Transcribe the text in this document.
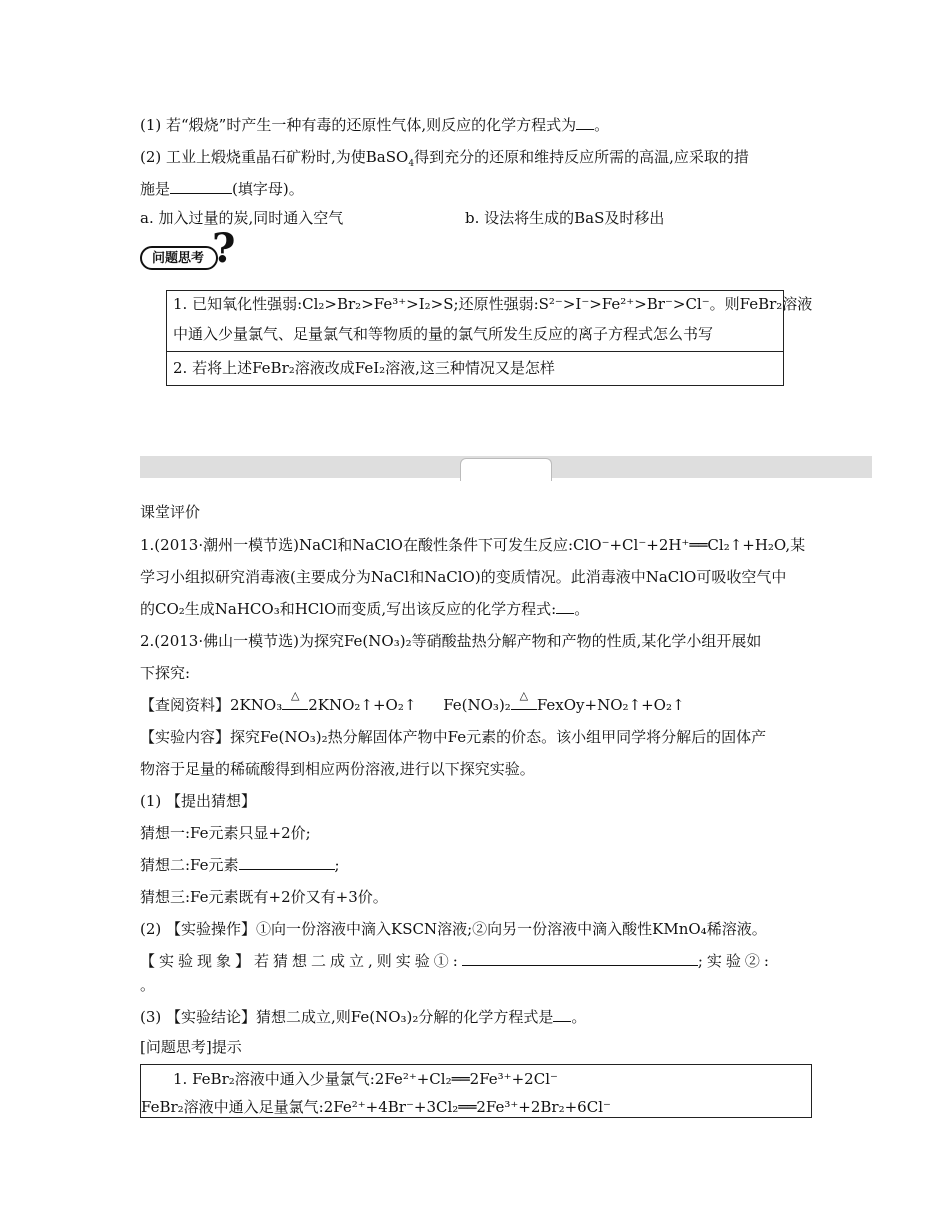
(1) 若“煅烧”时产生一种有毒的还原性气体,则反应的化学方程式为 。
(2) 工业上煅烧重晶石矿粉时,为使BaSO$_4$得到充分的还原和维持反应所需的高温,应采取的措
施是	(填字母)。
a. 加入过量的炭,同时通入空气	b. 设法将生成的BaS及时移出
问题思考 ?
1. 已知氧化性强弱:Cl₂>Br₂>Fe³⁺>I₂>S;还原性强弱:S²⁻>I⁻>Fe²⁺>Br⁻>Cl⁻。则FeBr₂溶液
中通入少量氯气、足量氯气和等物质的量的氯气所发生反应的离子方程式怎么书写
2. 若将上述FeBr₂溶液改成FeI₂溶液,这三种情况又是怎样
课堂评价
1.(2013·潮州一模节选)NaCl和NaClO在酸性条件下可发生反应:ClO⁻+Cl⁻+2H⁺══Cl₂↑+H₂O,某
学习小组拟研究消毒液(主要成分为NaCl和NaClO)的变质情况。此消毒液中NaClO可吸收空气中
的CO₂生成NaHCO₃和HClO而变质,写出该反应的化学方程式: 。
2.(2013·佛山一模节选)为探究Fe(NO₃)₂等硝酸盐热分解产物和产物的性质,某化学小组开展如
下探究:
【查阅资料】2KNO₃
△
2KNO₂↑+O₂↑ Fe(NO₃)₂
△
FexOy+NO₂↑+O₂↑
【实验内容】探究Fe(NO₃)₂热分解固体产物中Fe元素的价态。该小组甲同学将分解后的固体产
物溶于足量的稀硫酸得到相应两份溶液,进行以下探究实验。
(1) 【提出猜想】
猜想一:Fe元素只显+2价;
猜想二:Fe元素	;
猜想三:Fe元素既有+2价又有+3价。
(2) 【实验操作】①向一份溶液中滴入KSCN溶液;②向另一份溶液中滴入酸性KMnO₄稀溶液。
【实验现象】若猜想二成立,则实验①:	;实验②:
。
(3) 【实验结论】猜想二成立,则Fe(NO₃)₂分解的化学方程式是 。
[问题思考]提示
1. FeBr₂溶液中通入少量氯气:2Fe²⁺+Cl₂══2Fe³⁺+2Cl⁻
FeBr₂溶液中通入足量氯气:2Fe²⁺+4Br⁻+3Cl₂══2Fe³⁺+2Br₂+6Cl⁻
